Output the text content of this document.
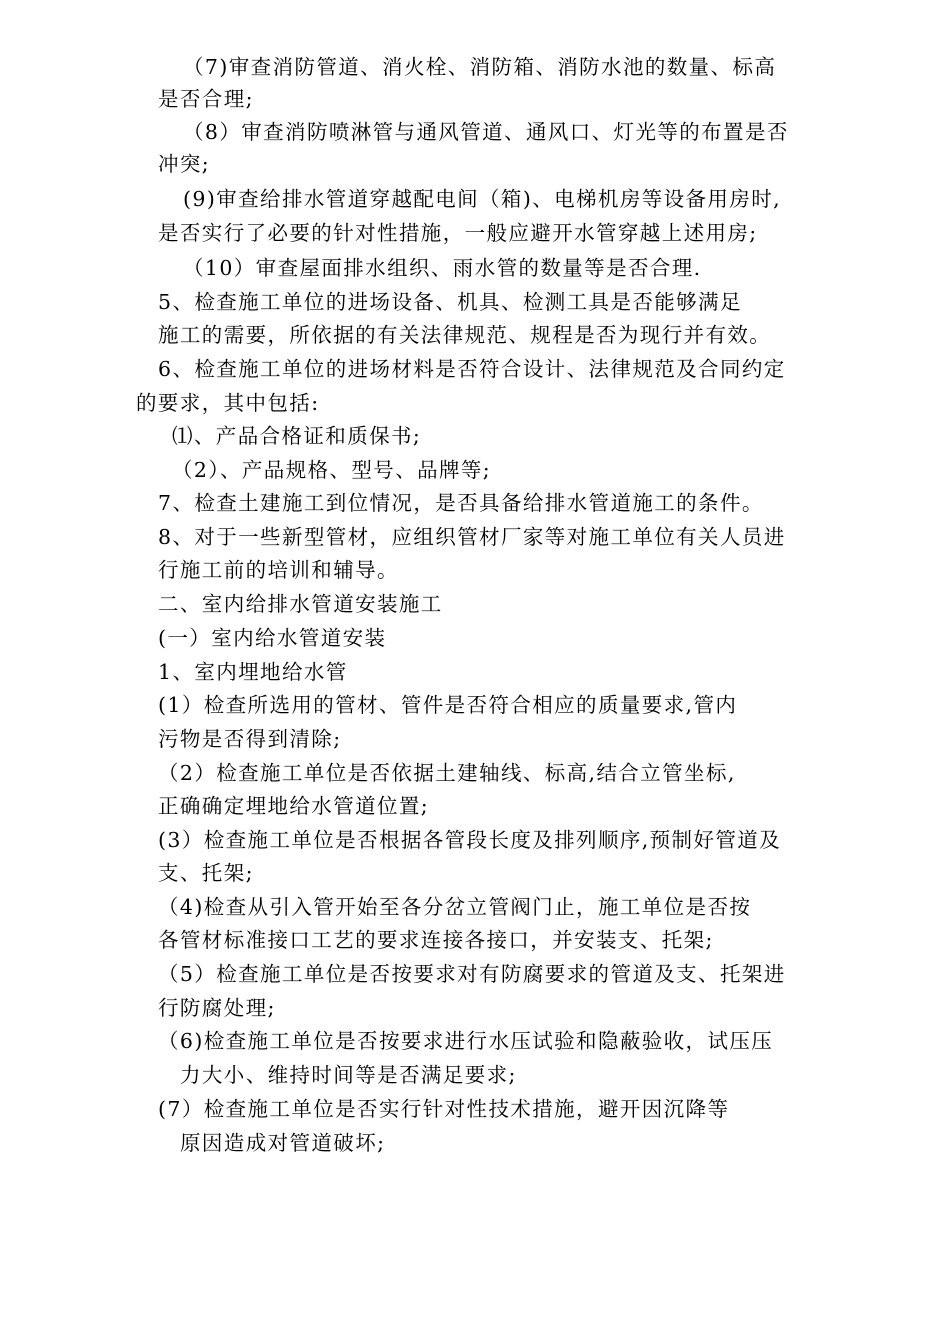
（7)审查消防管道、消火栓、消防箱、消防水池的数量、标高
是否合理;
（8）审查消防喷淋管与通风管道、通风口、灯光等的布置是否
冲突;
(9)审查给排水管道穿越配电间（箱)、电梯机房等设备用房时,
是否实行了必要的针对性措施，一般应避开水管穿越上述用房;
（10）审查屋面排水组织、雨水管的数量等是否合理.
5、检查施工单位的进场设备、机具、检测工具是否能够满足
施工的需要，所依据的有关法律规范、规程是否为现行并有效。
6、检查施工单位的进场材料是否符合设计、法律规范及合同约定
的要求，其中包括:
⑴、产品合格证和质保书;
（2）、产品规格、型号、品牌等;
7、检查土建施工到位情况，是否具备给排水管道施工的条件。
8、对于一些新型管材，应组织管材厂家等对施工单位有关人员进
行施工前的培训和辅导。
二、室内给排水管道安装施工
(一）室内给水管道安装
1、室内埋地给水管
(1）检查所选用的管材、管件是否符合相应的质量要求,管内
污物是否得到清除;
（2）检查施工单位是否依据土建轴线、标高,结合立管坐标,
正确确定埋地给水管道位置;
(3）检查施工单位是否根据各管段长度及排列顺序,预制好管道及
支、托架;
（4)检查从引入管开始至各分岔立管阀门止，施工单位是否按
各管材标准接口工艺的要求连接各接口，并安装支、托架;
（5）检查施工单位是否按要求对有防腐要求的管道及支、托架进
行防腐处理;
（6)检查施工单位是否按要求进行水压试验和隐蔽验收，试压压
力大小、维持时间等是否满足要求;
(7）检查施工单位是否实行针对性技术措施，避开因沉降等
原因造成对管道破坏;
